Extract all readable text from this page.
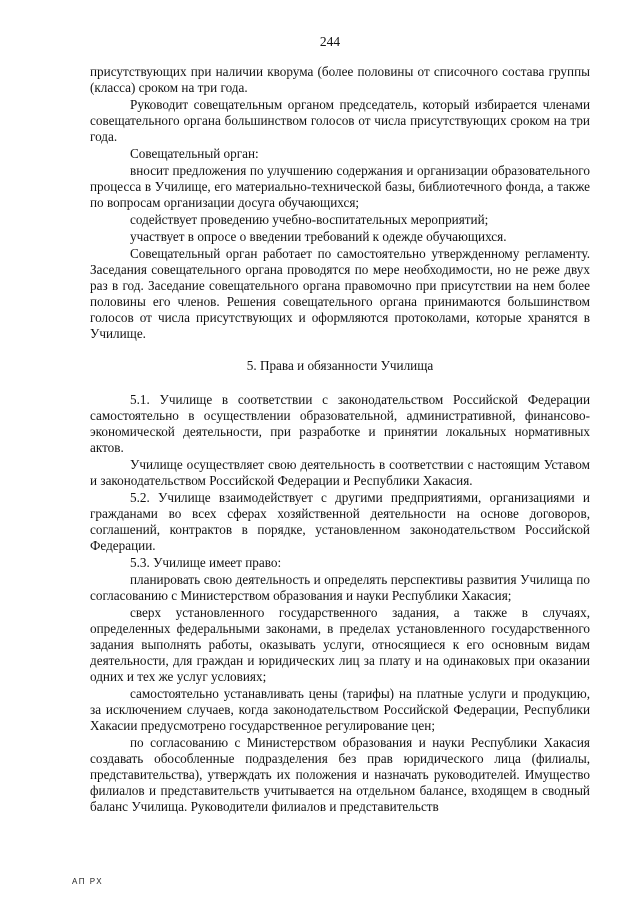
244

присутствующих при наличии кворума (более половины от списочного состава группы (класса) сроком на три года.

Руководит совещательным органом председатель, который избирается членами совещательного органа большинством голосов от числа присутствующих сроком на три года.

Совещательный орган:

вносит предложения по улучшению содержания и организации образовательного процесса в Училище, его материально-технической базы, библиотечного фонда, а также по вопросам организации досуга обучающихся;

содействует проведению учебно-воспитательных мероприятий;

участвует в опросе о введении требований к одежде обучающихся.

Совещательный орган работает по самостоятельно утвержденному регламенту. Заседания совещательного органа проводятся по мере необходимости, но не реже двух раз в год. Заседание совещательного органа правомочно при присутствии на нем более половины его членов. Решения совещательного органа принимаются большинством голосов от числа присутствующих и оформляются протоколами, которые хранятся в Училище.

5. Права и обязанности Училища

5.1. Училище в соответствии с законодательством Российской Федерации самостоятельно в осуществлении образовательной, административной, финансово-экономической деятельности, при разработке и принятии локальных нормативных актов.

Училище осуществляет свою деятельность в соответствии с настоящим Уставом и законодательством Российской Федерации и Республики Хакасия.

5.2. Училище взаимодействует с другими предприятиями, организациями и гражданами во всех сферах хозяйственной деятельности на основе договоров, соглашений, контрактов в порядке, установленном законодательством Российской Федерации.

5.3. Училище имеет право:

планировать свою деятельность и определять перспективы развития Училища по согласованию с Министерством образования и науки Республики Хакасия;

сверх установленного государственного задания, а также в случаях, определенных федеральными законами, в пределах установленного государственного задания выполнять работы, оказывать услуги, относящиеся к его основным видам деятельности, для граждан и юридических лиц за плату и на одинаковых при оказании одних и тех же услуг условиях;

самостоятельно устанавливать цены (тарифы) на платные услуги и продукцию, за исключением случаев, когда законодательством Российской Федерации, Республики Хакасии предусмотрено государственное регулирование цен;

по согласованию с Министерством образования и науки Республики Хакасия создавать обособленные подразделения без прав юридического лица (филиалы, представительства), утверждать их положения и назначать руководителей. Имущество филиалов и представительств учитывается на отдельном балансе, входящем в сводный баланс Училища. Руководители филиалов и представительств

АП РХ
